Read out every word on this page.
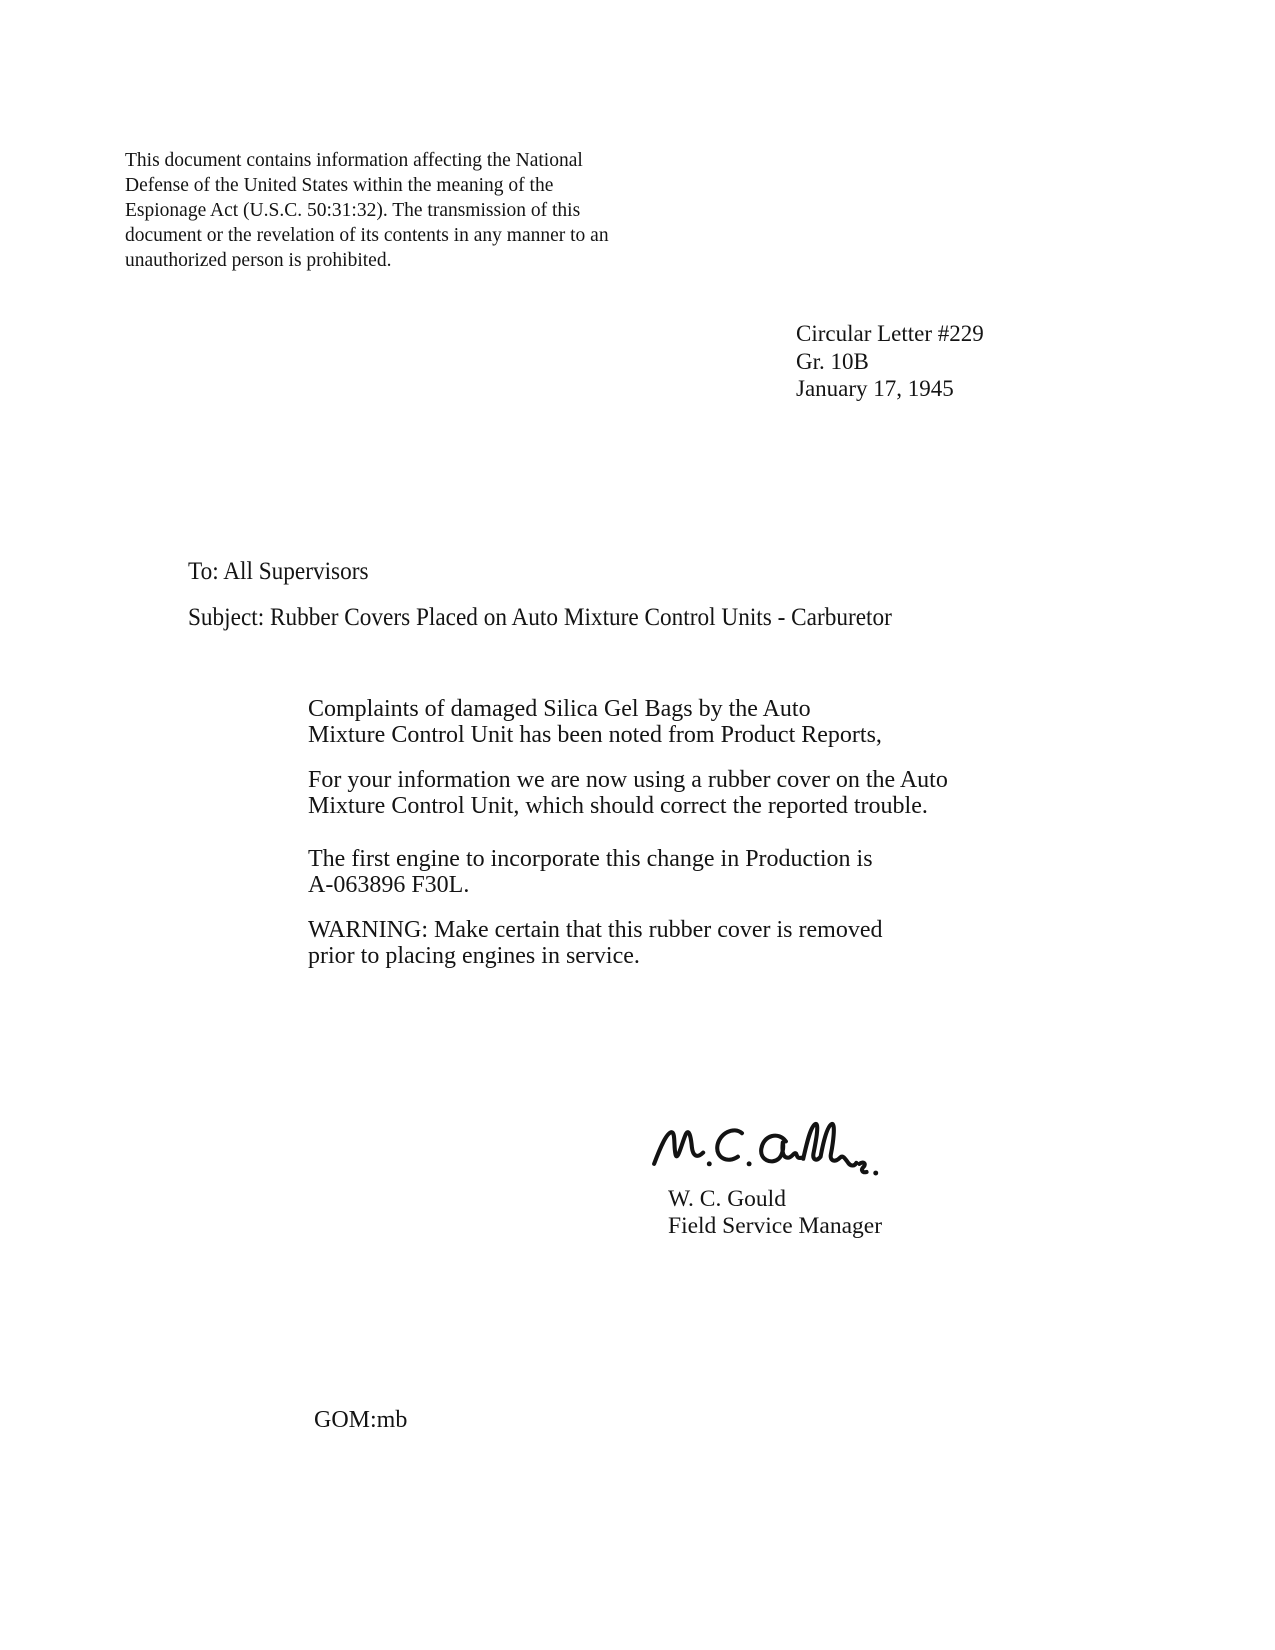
This document contains information affecting the National
Defense of the United States within the meaning of the
Espionage Act (U.S.C. 50:31:32). The transmission of this
document or the revelation of its contents in any manner to an
unauthorized person is prohibited.
Circular Letter #229
Gr. 10B
January 17, 1945
To: All Supervisors
Subject: Rubber Covers Placed on Auto Mixture Control Units - Carburetor
Complaints of damaged Silica Gel Bags by the Auto
Mixture Control Unit has been noted from Product Reports,
For your information we are now using a rubber cover on the Auto
Mixture Control Unit, which should correct the reported trouble.
The first engine to incorporate this change in Production is
A-063896 F30L.
WARNING: Make certain that this rubber cover is removed
prior to placing engines in service.
W. C. Gould
Field Service Manager
GOM:mb
